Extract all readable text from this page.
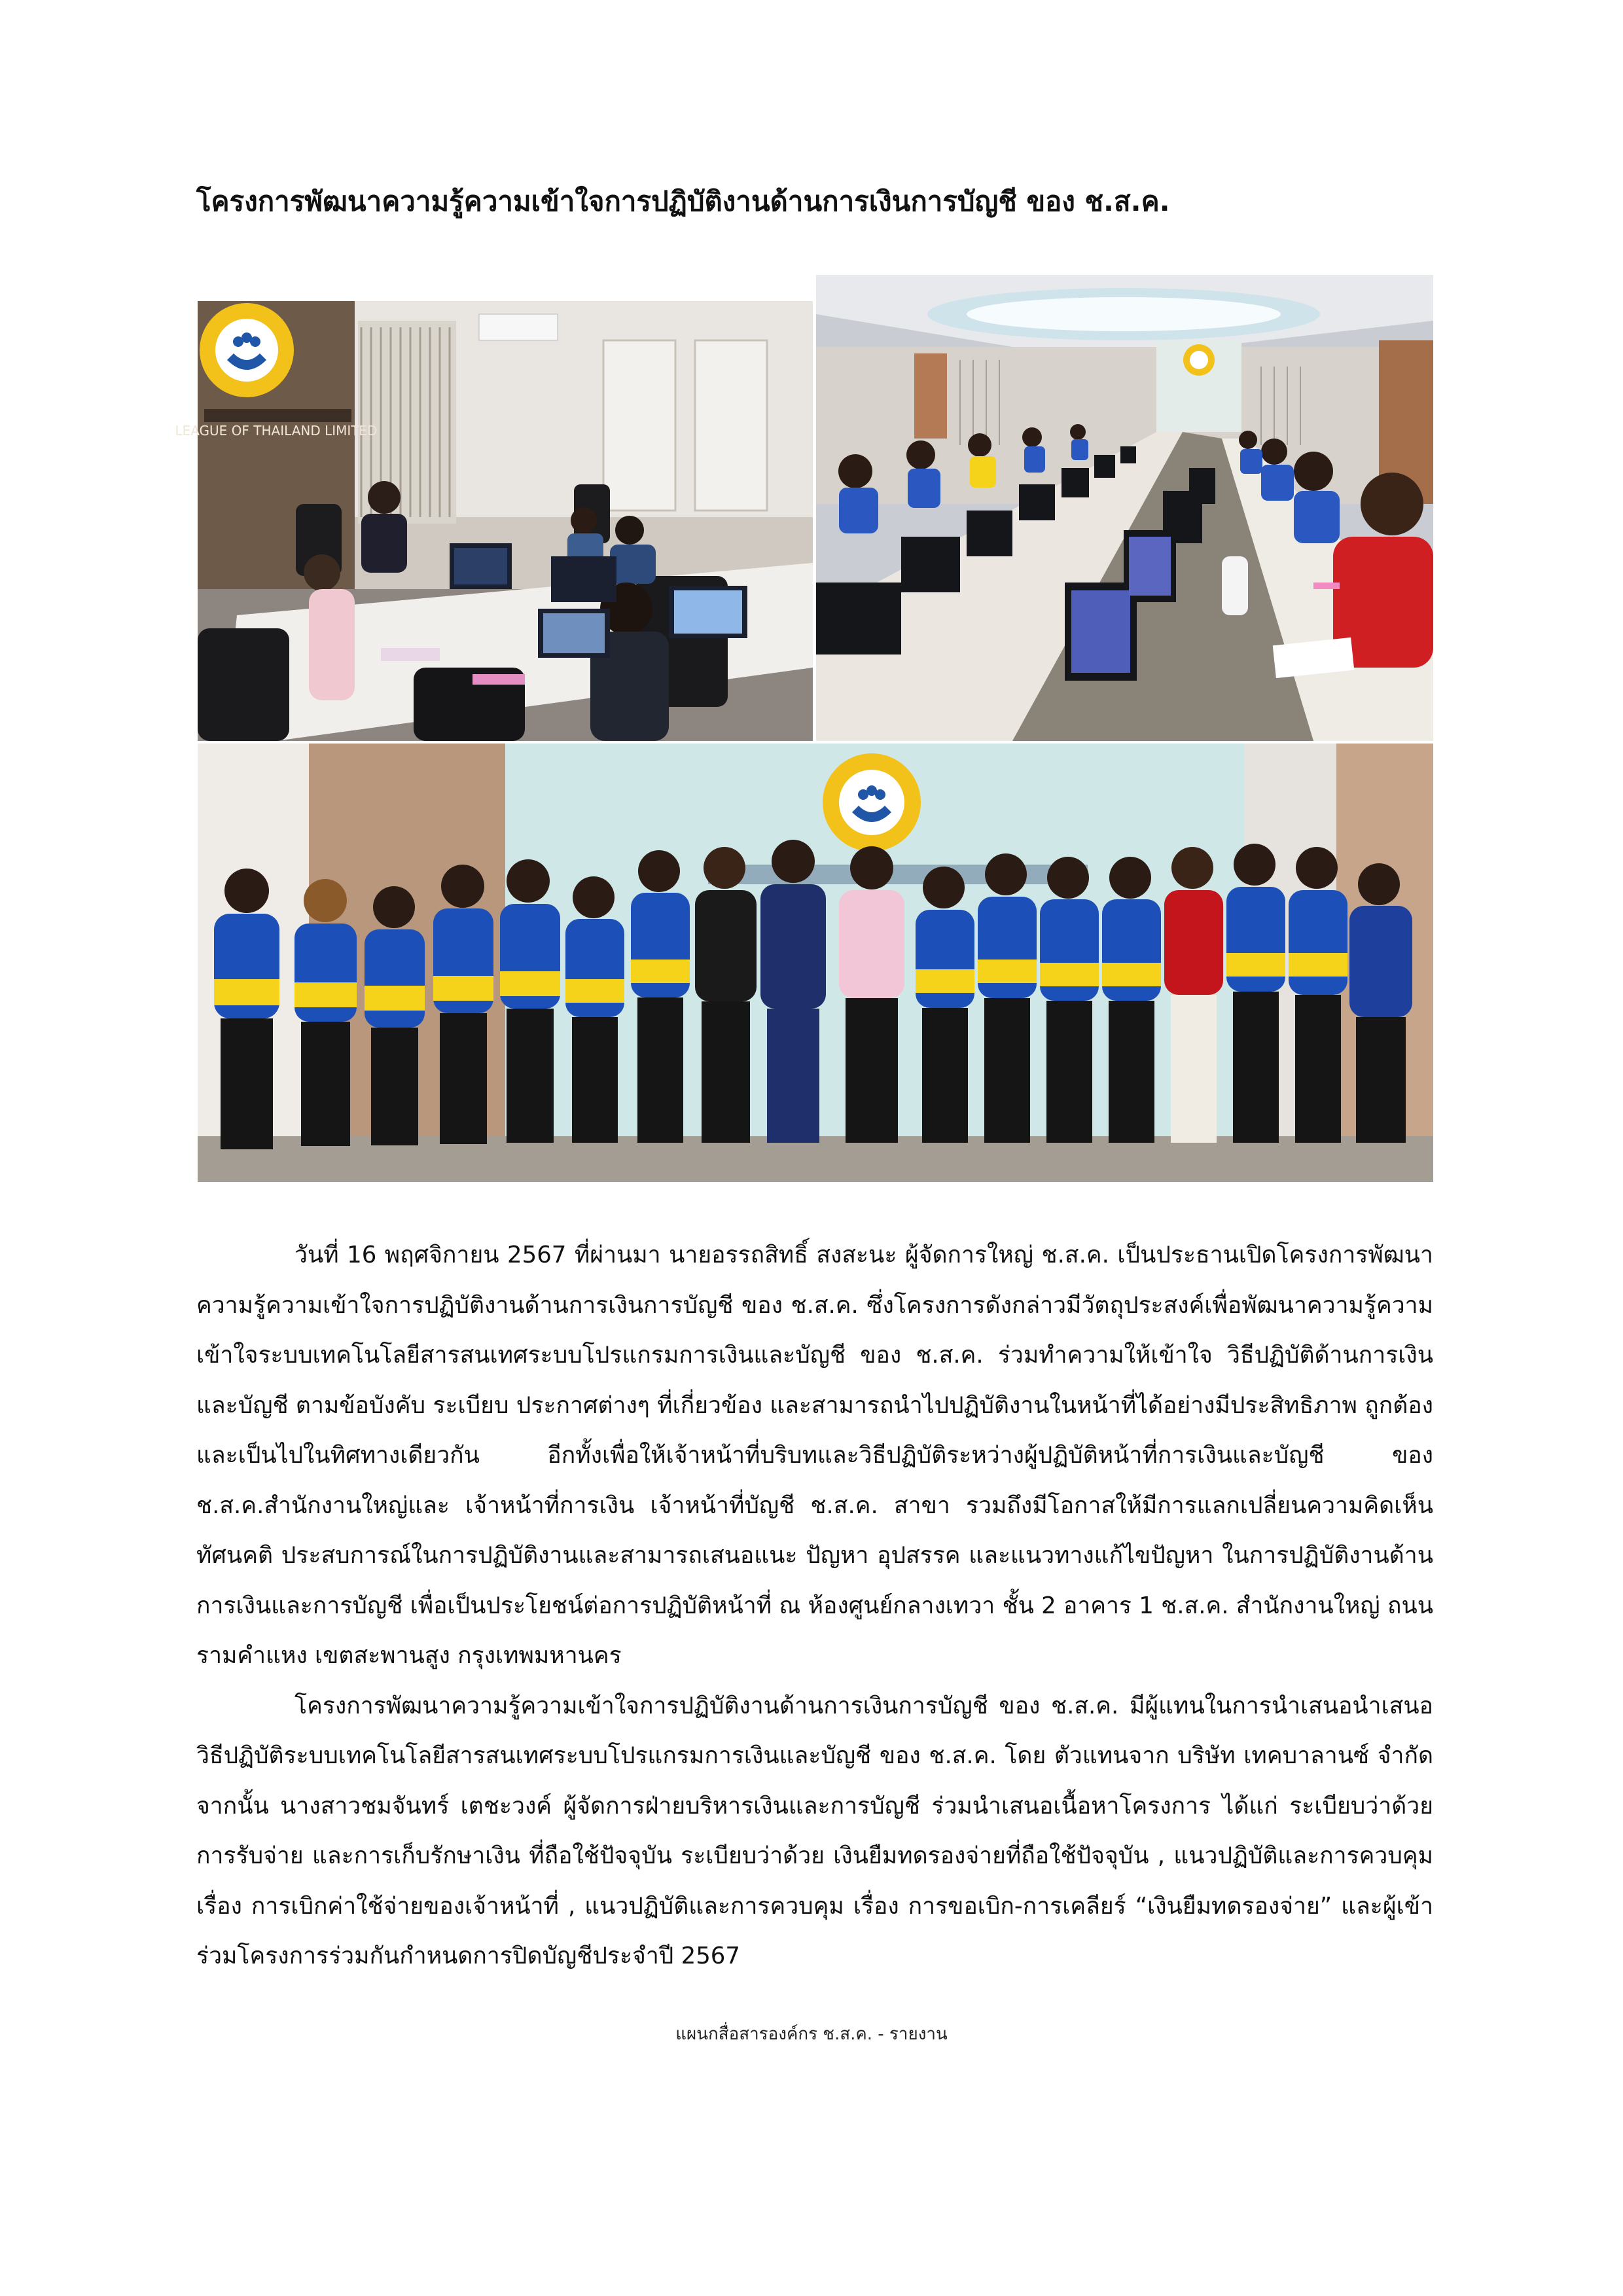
โครงการพัฒนาความรู้ความเข้าใจการปฏิบัติงานด้านการเงินการบัญชี ของ ช.ส.ค.
LEAGUE OF THAILAND LIMITED

วันที่ 16 พฤศจิกายน 2567 ที่ผ่านมา นายอรรถสิทธิ์ สงสะนะ ผู้จัดการใหญ่ ช.ส.ค. เป็นประธานเปิดโครงการพัฒนาความรู้ความเข้าใจการปฏิบัติงานด้านการเงินการบัญชี ของ ช.ส.ค. ซึ่งโครงการดังกล่าวมีวัตถุประสงค์เพื่อพัฒนาความรู้ความเข้าใจระบบเทคโนโลยีสารสนเทศระบบโปรแกรมการเงินและบัญชี ของ ช.ส.ค. ร่วมทำความให้เข้าใจ วิธีปฏิบัติด้านการเงินและบัญชี ตามข้อบังคับ ระเบียบ ประกาศต่างๆ ที่เกี่ยวข้อง และสามารถนำไปปฏิบัติงานในหน้าที่ได้อย่างมีประสิทธิภาพ ถูกต้องและเป็นไปในทิศทางเดียวกัน อีกทั้งเพื่อให้เจ้าหน้าที่บริบทและวิธีปฏิบัติระหว่างผู้ปฏิบัติหน้าที่การเงินและบัญชี ของ ช.ส.ค.สำนักงานใหญ่และ เจ้าหน้าที่การเงิน เจ้าหน้าที่บัญชี ช.ส.ค. สาขา รวมถึงมีโอกาสให้มีการแลกเปลี่ยนความคิดเห็น ทัศนคติ ประสบการณ์ในการปฏิบัติงานและสามารถเสนอแนะ ปัญหา อุปสรรค และแนวทางแก้ไขปัญหา ในการปฏิบัติงานด้านการเงินและการบัญชี เพื่อเป็นประโยชน์ต่อการปฏิบัติหน้าที่ ณ ห้องศูนย์กลางเทวา ชั้น 2 อาคาร 1 ช.ส.ค. สำนักงานใหญ่ ถนนรามคำแหง เขตสะพานสูง กรุงเทพมหานคร

โครงการพัฒนาความรู้ความเข้าใจการปฏิบัติงานด้านการเงินการบัญชี ของ ช.ส.ค. มีผู้แทนในการนำเสนอนำเสนอวิธีปฏิบัติระบบเทคโนโลยีสารสนเทศระบบโปรแกรมการเงินและบัญชี ของ ช.ส.ค. โดย ตัวแทนจาก บริษัท เทคบาลานซ์ จำกัด จากนั้น นางสาวชมจันทร์ เตชะวงค์ ผู้จัดการฝ่ายบริหารเงินและการบัญชี ร่วมนำเสนอเนื้อหาโครงการ ได้แก่ ระเบียบว่าด้วย การรับจ่าย และการเก็บรักษาเงิน ที่ถือใช้ปัจจุบัน ระเบียบว่าด้วย เงินยืมทดรองจ่ายที่ถือใช้ปัจจุบัน , แนวปฏิบัติและการควบคุม เรื่อง การเบิกค่าใช้จ่ายของเจ้าหน้าที่ , แนวปฏิบัติและการควบคุม เรื่อง การขอเบิก-การเคลียร์ “เงินยืมทดรองจ่าย” และผู้เข้าร่วมโครงการร่วมกันกำหนดการปิดบัญชีประจำปี 2567

แผนกสื่อสารองค์กร ช.ส.ค. - รายงาน
